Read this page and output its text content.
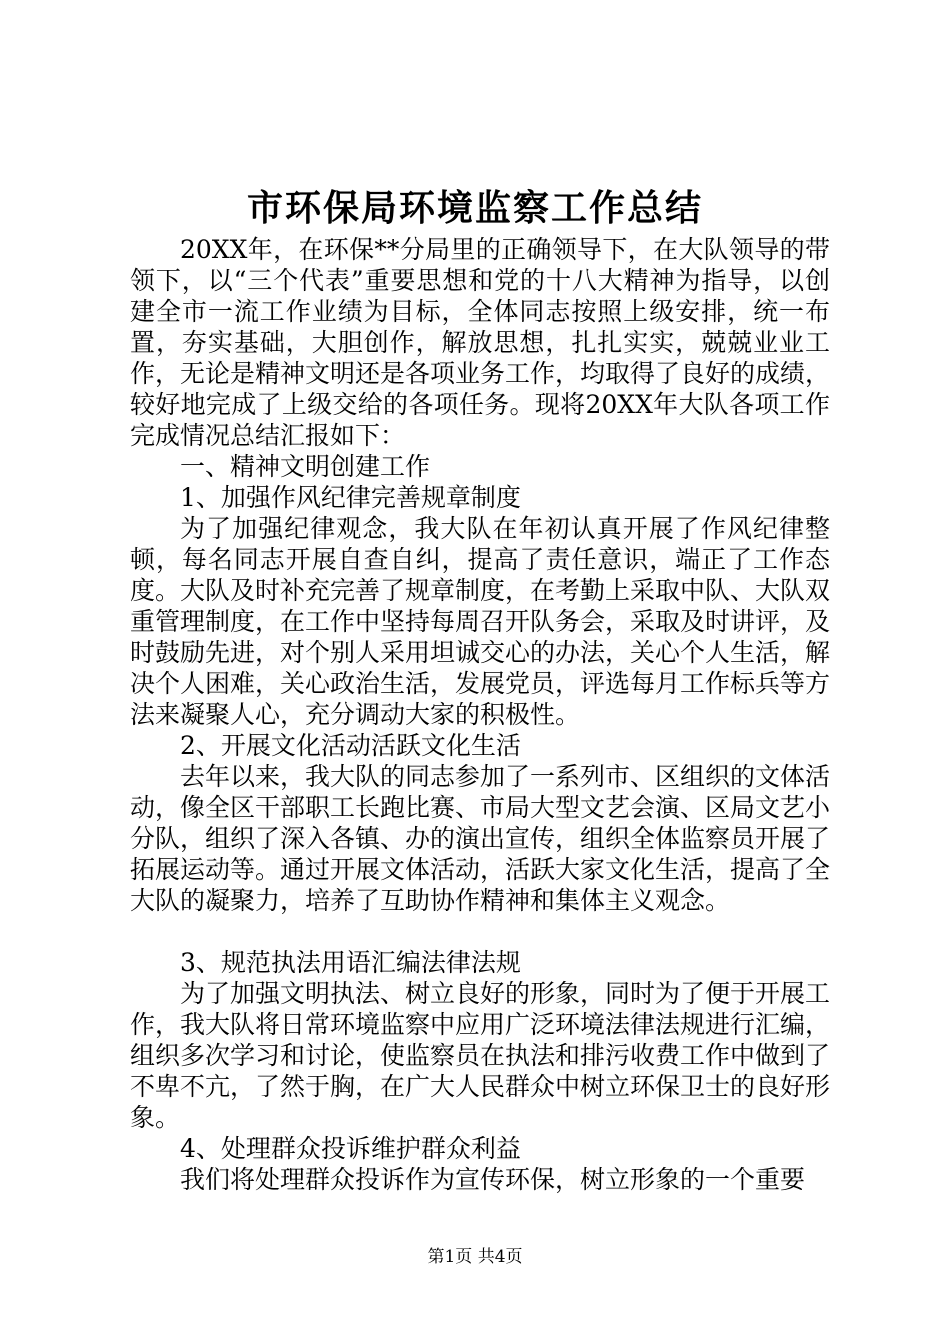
市环保局环境监察工作总结

20XX年，在环保**分局里的正确领导下，在大队领导的带领下，以“三个代表”重要思想和党的十八大精神为指导，以创建全市一流工作业绩为目标，全体同志按照上级安排，统一布置，夯实基础，大胆创作，解放思想，扎扎实实，兢兢业业工作，无论是精神文明还是各项业务工作，均取得了良好的成绩，较好地完成了上级交给的各项任务。现将20XX年大队各项工作完成情况总结汇报如下：

一、精神文明创建工作

1、加强作风纪律完善规章制度

为了加强纪律观念，我大队在年初认真开展了作风纪律整顿，每名同志开展自查自纠，提高了责任意识，端正了工作态度。大队及时补充完善了规章制度，在考勤上采取中队、大队双重管理制度，在工作中坚持每周召开队务会，采取及时讲评，及时鼓励先进，对个别人采用坦诚交心的办法，关心个人生活，解决个人困难，关心政治生活，发展党员，评选每月工作标兵等方法来凝聚人心，充分调动大家的积极性。

2、开展文化活动活跃文化生活

去年以来，我大队的同志参加了一系列市、区组织的文体活动，像全区干部职工长跑比赛、市局大型文艺会演、区局文艺小分队，组织了深入各镇、办的演出宣传，组织全体监察员开展了拓展运动等。通过开展文体活动，活跃大家文化生活，提高了全大队的凝聚力，培养了互助协作精神和集体主义观念。

3、规范执法用语汇编法律法规

为了加强文明执法、树立良好的形象，同时为了便于开展工作，我大队将日常环境监察中应用广泛环境法律法规进行汇编，组织多次学习和讨论，使监察员在执法和排污收费工作中做到了不卑不亢，了然于胸，在广大人民群众中树立环保卫士的良好形象。

4、处理群众投诉维护群众利益

我们将处理群众投诉作为宣传环保，树立形象的一个重要

第1页 共4页
